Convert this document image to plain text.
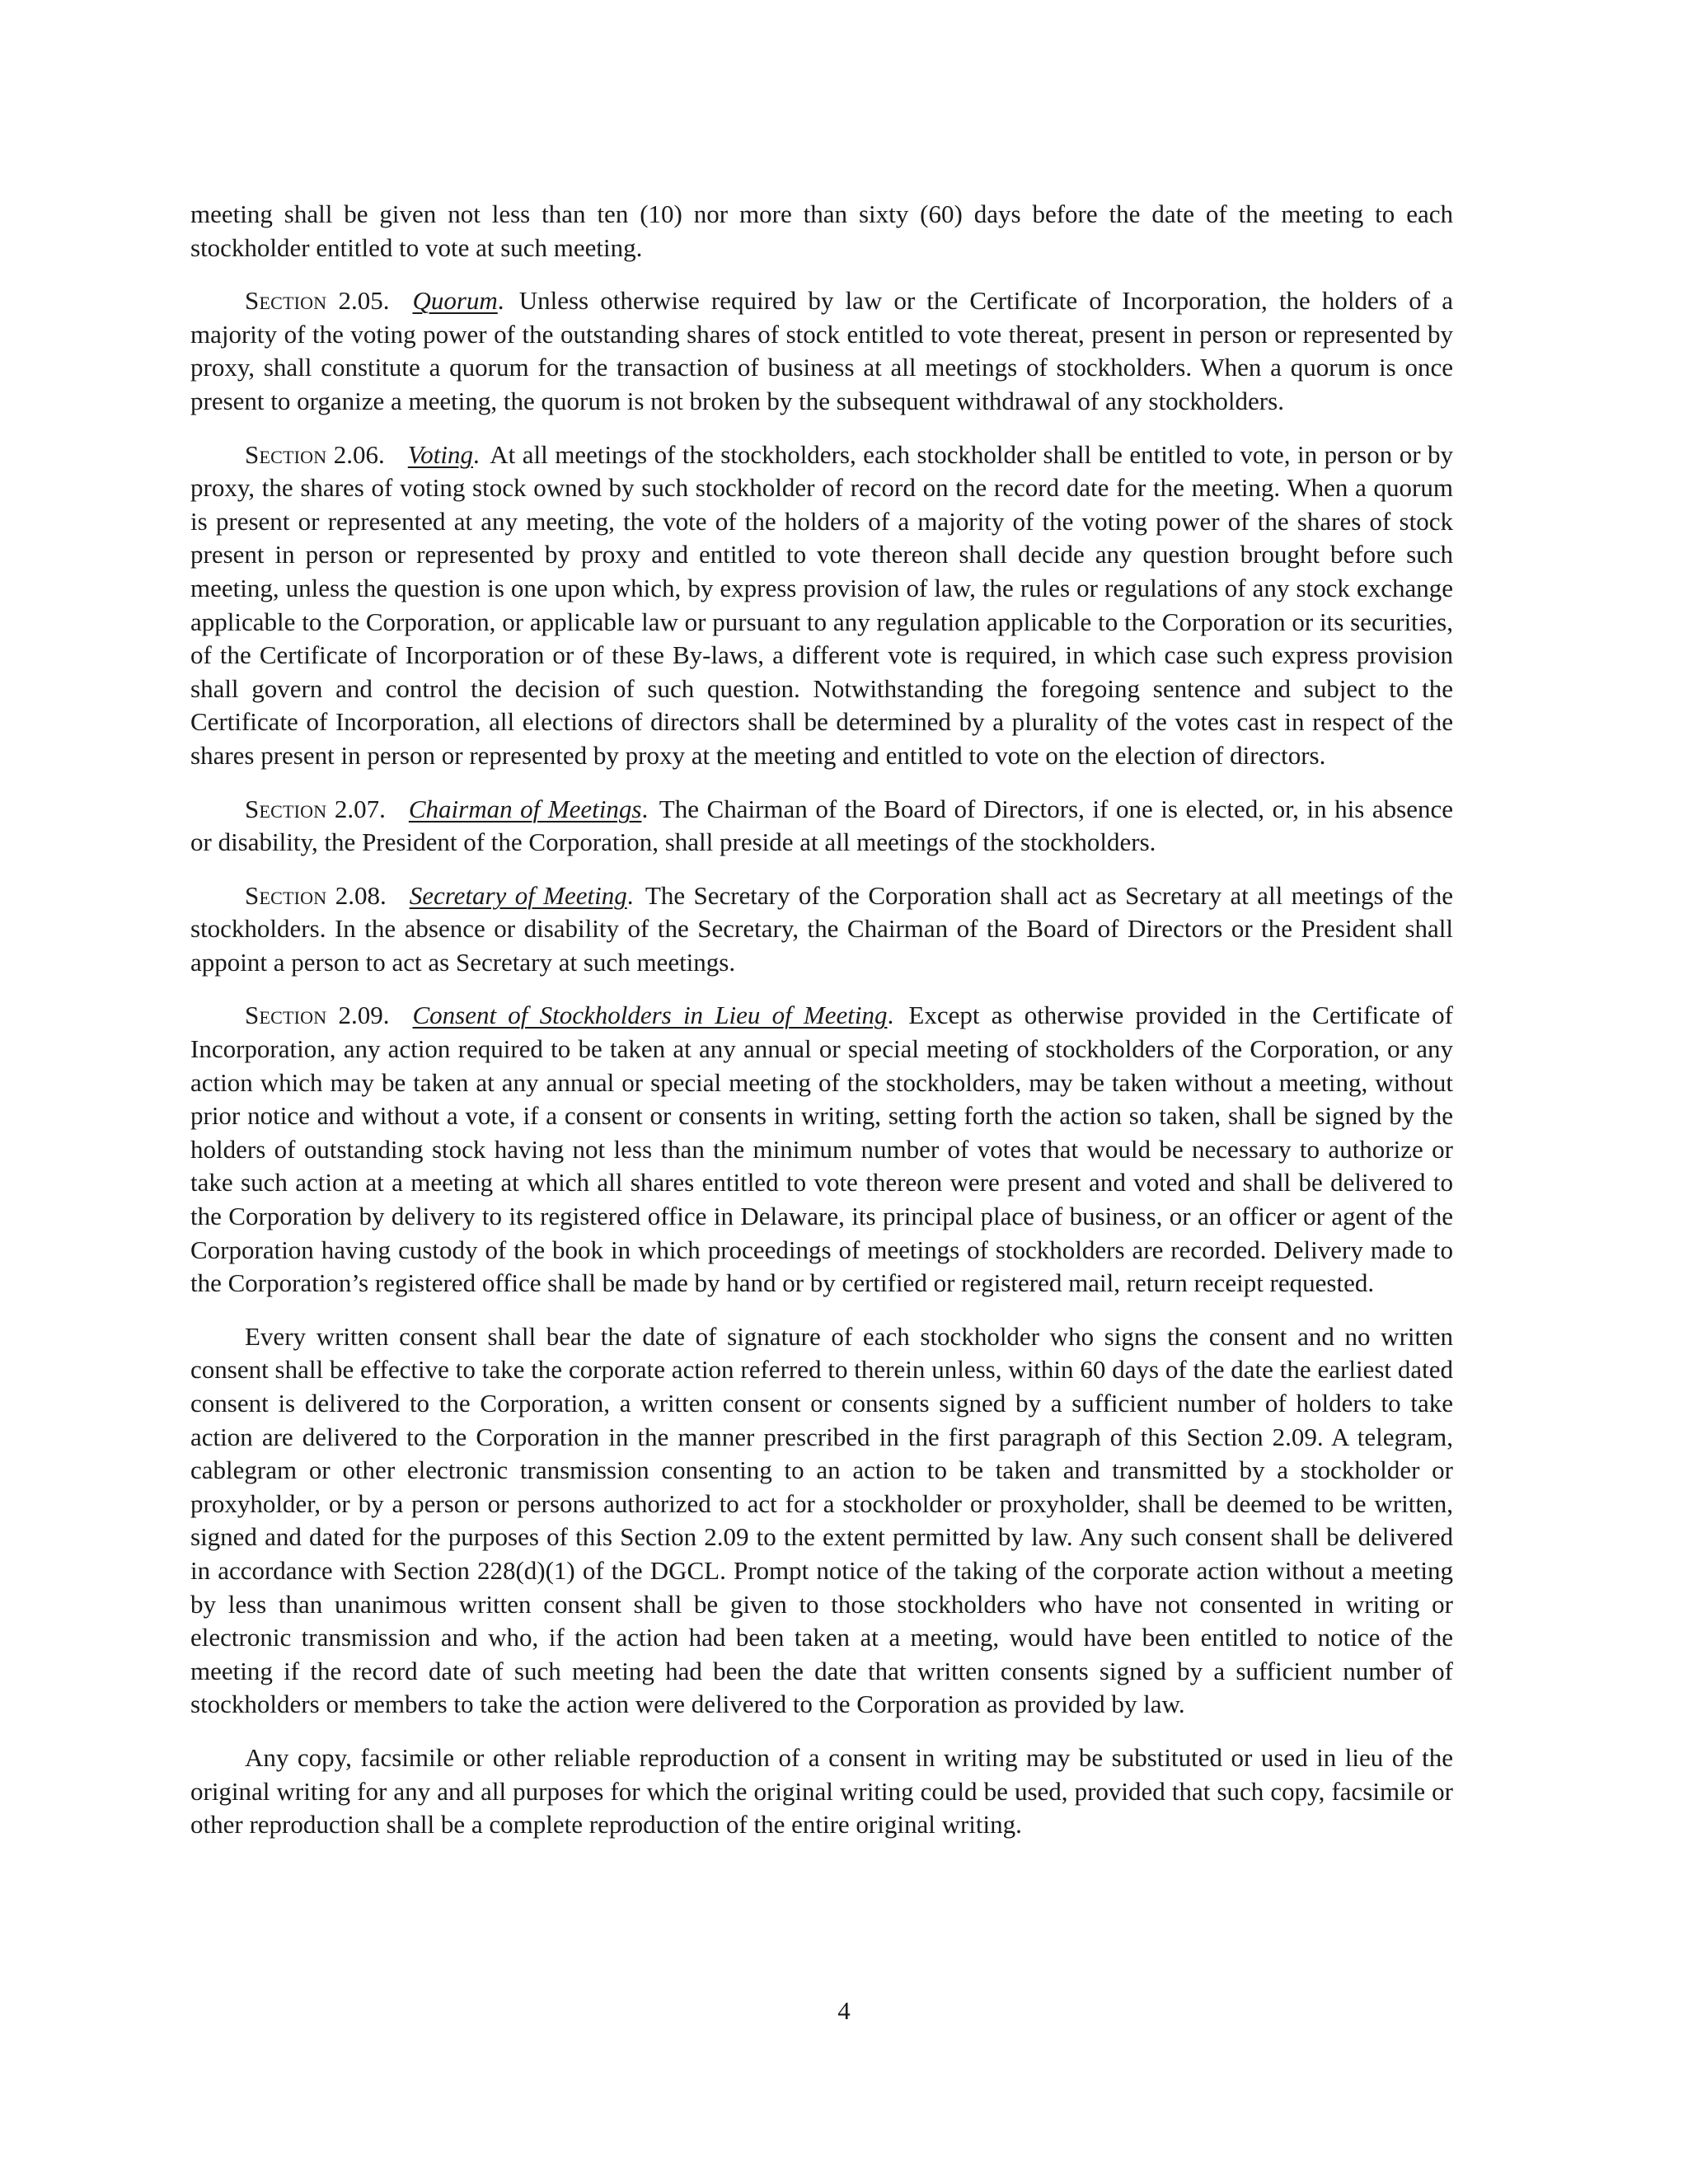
meeting shall be given not less than ten (10) nor more than sixty (60) days before the date of the meeting to each stockholder entitled to vote at such meeting.

Section 2.05. Quorum. Unless otherwise required by law or the Certificate of Incorporation, the holders of a majority of the voting power of the outstanding shares of stock entitled to vote thereat, present in person or represented by proxy, shall constitute a quorum for the transaction of business at all meetings of stockholders. When a quorum is once present to organize a meeting, the quorum is not broken by the subsequent withdrawal of any stockholders.

Section 2.06. Voting. At all meetings of the stockholders, each stockholder shall be entitled to vote, in person or by proxy, the shares of voting stock owned by such stockholder of record on the record date for the meeting. When a quorum is present or represented at any meeting, the vote of the holders of a majority of the voting power of the shares of stock present in person or represented by proxy and entitled to vote thereon shall decide any question brought before such meeting, unless the question is one upon which, by express provision of law, the rules or regulations of any stock exchange applicable to the Corporation, or applicable law or pursuant to any regulation applicable to the Corporation or its securities, of the Certificate of Incorporation or of these By-laws, a different vote is required, in which case such express provision shall govern and control the decision of such question. Notwithstanding the foregoing sentence and subject to the Certificate of Incorporation, all elections of directors shall be determined by a plurality of the votes cast in respect of the shares present in person or represented by proxy at the meeting and entitled to vote on the election of directors.

Section 2.07. Chairman of Meetings. The Chairman of the Board of Directors, if one is elected, or, in his absence or disability, the President of the Corporation, shall preside at all meetings of the stockholders.

Section 2.08. Secretary of Meeting. The Secretary of the Corporation shall act as Secretary at all meetings of the stockholders. In the absence or disability of the Secretary, the Chairman of the Board of Directors or the President shall appoint a person to act as Secretary at such meetings.

Section 2.09. Consent of Stockholders in Lieu of Meeting. Except as otherwise provided in the Certificate of Incorporation, any action required to be taken at any annual or special meeting of stockholders of the Corporation, or any action which may be taken at any annual or special meeting of the stockholders, may be taken without a meeting, without prior notice and without a vote, if a consent or consents in writing, setting forth the action so taken, shall be signed by the holders of outstanding stock having not less than the minimum number of votes that would be necessary to authorize or take such action at a meeting at which all shares entitled to vote thereon were present and voted and shall be delivered to the Corporation by delivery to its registered office in Delaware, its principal place of business, or an officer or agent of the Corporation having custody of the book in which proceedings of meetings of stockholders are recorded. Delivery made to the Corporation’s registered office shall be made by hand or by certified or registered mail, return receipt requested.

Every written consent shall bear the date of signature of each stockholder who signs the consent and no written consent shall be effective to take the corporate action referred to therein unless, within 60 days of the date the earliest dated consent is delivered to the Corporation, a written consent or consents signed by a sufficient number of holders to take action are delivered to the Corporation in the manner prescribed in the first paragraph of this Section 2.09. A telegram, cablegram or other electronic transmission consenting to an action to be taken and transmitted by a stockholder or proxyholder, or by a person or persons authorized to act for a stockholder or proxyholder, shall be deemed to be written, signed and dated for the purposes of this Section 2.09 to the extent permitted by law. Any such consent shall be delivered in accordance with Section 228(d)(1) of the DGCL. Prompt notice of the taking of the corporate action without a meeting by less than unanimous written consent shall be given to those stockholders who have not consented in writing or electronic transmission and who, if the action had been taken at a meeting, would have been entitled to notice of the meeting if the record date of such meeting had been the date that written consents signed by a sufficient number of stockholders or members to take the action were delivered to the Corporation as provided by law.

Any copy, facsimile or other reliable reproduction of a consent in writing may be substituted or used in lieu of the original writing for any and all purposes for which the original writing could be used, provided that such copy, facsimile or other reproduction shall be a complete reproduction of the entire original writing.

4
